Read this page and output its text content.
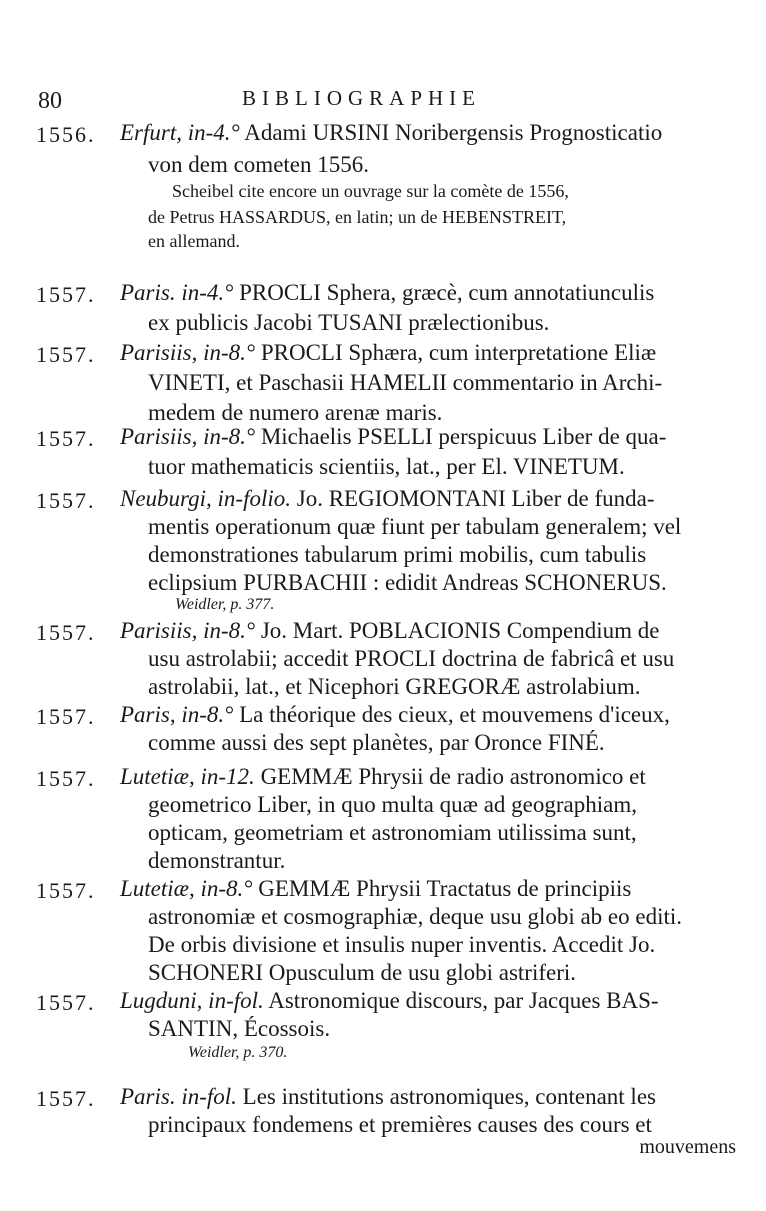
80	BIBLIOGRAPHIE
1556. Erfurt, in-4.° Adami URSINI Noribergensis Prognosticatio
von dem cometen 1556.
Scheibel cite encore un ouvrage sur la comète de 1556,
de Petrus HASSARDUS, en latin; un de HEBENSTREIT,
en allemand.
1557. Paris. in-4.° PROCLI Sphera, græcè, cum annotatiunculis
ex publicis Jacobi TUSANI prælectionibus.
1557. Parisiis, in-8.° PROCLI Sphæra, cum interpretatione Eliæ
VINETI, et Paschasii HAMELII commentario in Archi-
medem de numero arenæ maris.
1557. Parisiis, in-8.° Michaelis PSELLI perspicuus Liber de qua-
tuor mathematicis scientiis, lat., per El. VINETUM.
1557. Neuburgi, in-folio. Jo. REGIOMONTANI Liber de funda-
mentis operationum quæ fiunt per tabulam generalem; vel
demonstrationes tabularum primi mobilis, cum tabulis
eclipsium PURBACHII : edidit Andreas SCHONERUS.
Weidler, p. 377.
1557. Parisiis, in-8.° Jo. Mart. POBLACIONIS Compendium de
usu astrolabii; accedit PROCLI doctrina de fabricâ et usu
astrolabii, lat., et Nicephori GREGORÆ astrolabium.
1557. Paris, in-8.° La théorique des cieux, et mouvemens d'iceux,
comme aussi des sept planètes, par Oronce FINÉ.
1557. Lutetiæ, in-12. GEMMÆ Phrysii de radio astronomico et
geometrico Liber, in quo multa quæ ad geographiam,
opticam, geometriam et astronomiam utilissima sunt,
demonstrantur.
1557. Lutetiæ, in-8.° GEMMÆ Phrysii Tractatus de principiis
astronomiæ et cosmographiæ, deque usu globi ab eo editi.
De orbis divisione et insulis nuper inventis. Accedit Jo.
SCHONERI Opusculum de usu globi astriferi.
1557. Lugduni, in-fol. Astronomique discours, par Jacques BAS-
SANTIN, Écossois.
Weidler, p. 370.
1557. Paris. in-fol. Les institutions astronomiques, contenant les
principaux fondemens et premières causes des cours et
mouvemens
